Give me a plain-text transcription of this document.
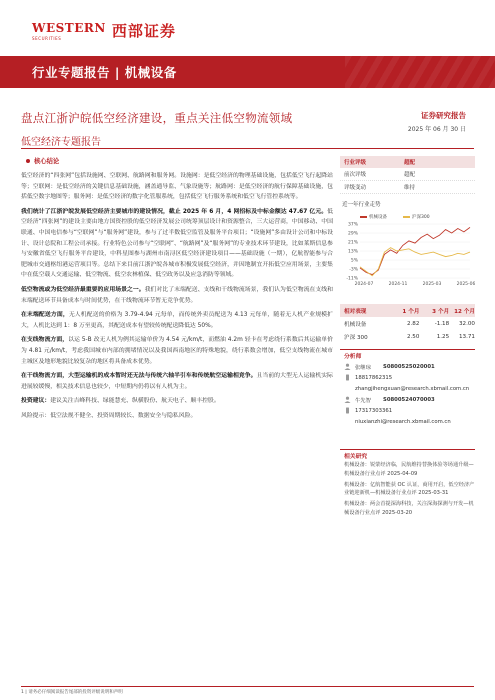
WESTERN
SECURITIES	西部证券
行业专题报告 | 机械设备
盘点江浙沪皖低空经济建设，重点关注低空物流领域
低空经济专题报告
证券研究报告
2025 年 06 月 30 日
核心结论
低空经济的“四张网”包括设施网、空联网、航路网和服务网。设施网：是低空经济的物理基础设施，包括低空飞行起降站等；空联网：是低空经济的关键信息基础设施，涵盖通导监、气象设施等；航路网：是低空经济的航行保障基础设施，包括低空数字地图等；服务网：是低空经济的数字化管服系统，包括低空飞行服务系统和低空飞行管控系统等。
我们统计了江浙沪皖发展低空经济主要城市的建设情况，截止 2025 年 6 月，4 网招标及中标金额达 47.67 亿元。低空经济“四张网”的建设主要由地方国资控股的低空经济发展公司统筹顶层设计和资源整合，三大运营商，中国移动、中国联通、中国电信参与“空联网”与“服务网”建设，参与了过半数低空监管及服务平台项目；“设施网”多由设计公司和中标设计、设计总院和工程公司承接。行业特色公司参与“空联网”、“航路网”及“服务网”的专业技术环节建设，比如莱斯信息参与安徽省低空飞行服务平台建设，中科星图参与湖州市南浔区低空经济建设项目——基础设施（一期），亿航智能参与合肥城市交通枢纽港运营项目等。总结下来目前江浙沪皖各城市积极发展低空经济，并因地制宜开拓低空应用场景，主要集中在低空载人交通运输、低空物流、低空农林植保、低空政务以及应急消防等领域。
低空物流或为低空经济最重要的应用场景之一。我们对比了末端配送、支线和干线物流场景，我们认为低空物流在支线和末端配送环节具备成本与时间优势，在干线物流环节暂无竞争优势。
在末端配送方面，无人机配送的价格为 3.79-4.94 元每单，而传统外卖员配送为 4.13 元每单，随着无人机产业规模扩大，人机比达到 1：8 万至更高，其配送成本有望较传统配送降低达 50%。
在支线物流方面，以运 5-B 改无人机为例其运输单价为 4.54 元/km/t，而燃油 4.2m 轻卡在考虑绕行系数后其运输单价为 4.81 元/km/t，考虑我国城市内部的拥堵情况以及我国西南地区的特殊地貌，绕行系数会增加，低空支线物流在城市主城区及地形地貌比较复杂的地区将具备成本优势。
在干线物流方面，大型运输机的成本暂时还无法与传统六轴半引车和传统航空运输相竞争。且当前的大型无人运输机实际进展较缓慢，相关技术信息也较少，中短期内仍将以有人机为主。
投资建议：建议关注吉峰科技、绿能慧充、纵横股份、航天电子、顺丰控股。
风险提示：低空法规不健全、投资周期较长、数据安全与隐私风险。
行业评级	超配
前次评级	超配
评级变动	维持
近一年行业走势
机械设备	沪深300
37%
29%
21%
13%
5%
-3%
-11%
2024-07	2024-11	2025-03	2025-06
相对表现	1 个月	3 个月 12 个月
机械设备	2.82	-1.18	32.00
沪深 300	2.50	1.25	13.71
分析师
张继琼	S0800525020001
18817862315
zhangjihengxuan@research.xbmail.com.cn
牛先智	S0800524070003
17317303361
niuxianzhi@research.xbmail.com.cn
相关研究
机械设备：锐蒙经济临，民航维持替换体验等场通升级—机械设备行业点评 2025-04-09
机械设备：亿航智能获 OC 认证，商用开启，低空经济产业链迎新机—机械设备行业点评 2025-03-31
机械设备：两会首提深海科技，关注深海探测与开发—机械设备行业点评 2025-03-20
1 | 请务必仔细阅读报告尾部的投资评级说明和声明
